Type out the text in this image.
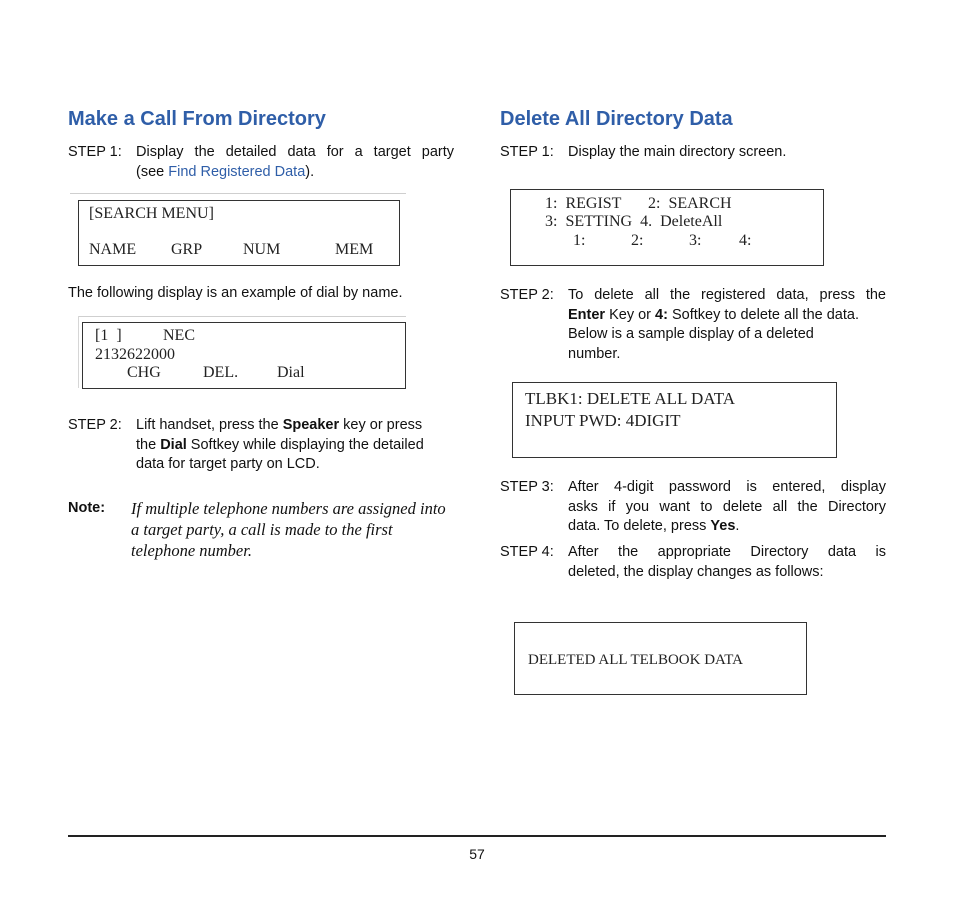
Make a Call From Directory
STEP 1: Display the detailed data for a target party
(see Find Registered Data).
[SEARCH MENU]
NAME GRP	NUM	MEM
The following display is an example of dial by name.
[1  ]	NEC
2132622000
CHG	DEL. Dial
STEP 2: Lift handset, press the Speaker key or press
the Dial Softkey while displaying the detailed
data for target party on LCD.
Note: If multiple telephone numbers are assigned into a target party, a call is made to the first telephone number.
Delete All Directory Data
STEP 1: Display the main directory screen.
1:  REGIST 2:  SEARCH
3:  SETTING  4.  DeleteAll
1:	2:	3: 4:
STEP 2: To delete all the registered data, press the
Enter Key or 4: Softkey to delete all the data.
Below is a sample display of a deleted
number.
TLBK1: DELETE ALL DATA
INPUT PWD: 4DIGIT
STEP 3: After 4-digit password is entered, display
asks if you want to delete all the Directory
data. To delete, press Yes.
STEP 4: After the appropriate Directory data is
deleted, the display changes as follows:
DELETED ALL TELBOOK DATA
57
